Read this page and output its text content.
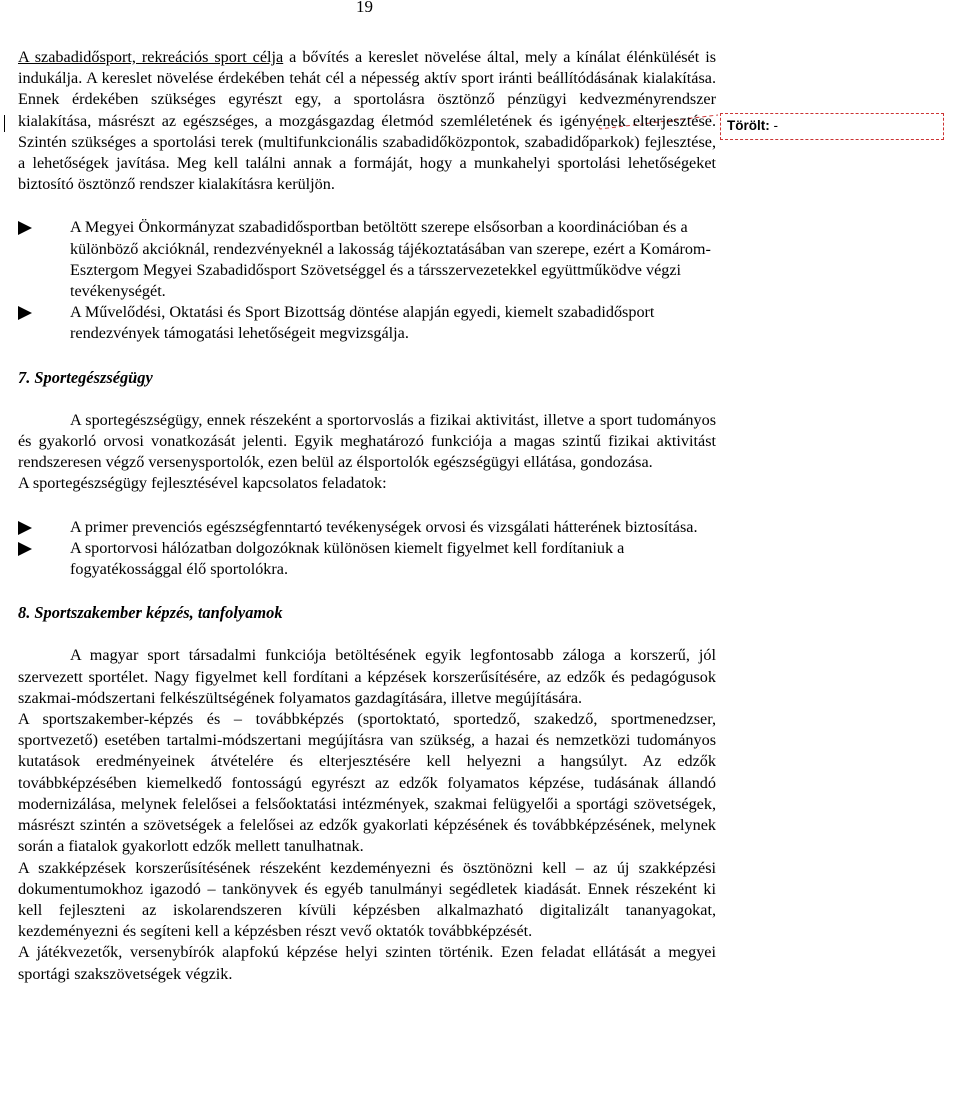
19
Törölt: -

A szabadidősport, rekreációs sport célja a bővítés a kereslet növelése által, mely a kínálat élénkülését is indukálja. A kereslet növelése érdekében tehát cél a népesség aktív sport iránti beállítódásának kialakítása. Ennek érdekében szükséges egyrészt egy, a sportolásra ösztönző pénzügyi kedvezményrendszer kialakítása, másrészt az egészséges, a mozgásgazdag életmód szemléletének és igényének elterjesztése. Szintén szükséges a sportolási terek (multifunkcionális szabadidőközpontok, szabadidőparkok) fejlesztése, a lehetőségek javítása. Meg kell találni annak a formáját, hogy a munkahelyi sportolási lehetőségeket biztosító ösztönző rendszer kialakításra kerüljön.

A Megyei Önkormányzat szabadidősportban betöltött szerepe elsősorban a koordinációban és a különböző akcióknál, rendezvényeknél a lakosság tájékoztatásában van szerepe, ezért a Komárom-Esztergom Megyei Szabadidősport Szövetséggel és a társszervezetekkel együttműködve végzi tevékenységét.
A Művelődési, Oktatási és Sport Bizottság döntése alapján egyedi, kiemelt szabadidősport rendezvények támogatási lehetőségeit megvizsgálja.
7. Sportegészségügy

A sportegészségügy, ennek részeként a sportorvoslás a fizikai aktivitást, illetve a sport tudományos és gyakorló orvosi vonatkozását jelenti. Egyik meghatározó funkciója a magas szintű fizikai aktivitást rendszeresen végző versenysportolók, ezen belül az élsportolók egészségügyi ellátása, gondozása.

A sportegészségügy fejlesztésével kapcsolatos feladatok:

A primer prevenciós egészségfenntartó tevékenységek orvosi és vizsgálati hátterének biztosítása.
A sportorvosi hálózatban dolgozóknak különösen kiemelt figyelmet kell fordítaniuk a fogyatékossággal élő sportolókra.
8. Sportszakember képzés, tanfolyamok

A magyar sport társadalmi funkciója betöltésének egyik legfontosabb záloga a korszerű, jól szervezett sportélet. Nagy figyelmet kell fordítani a képzések korszerűsítésére, az edzők és pedagógusok szakmai-módszertani felkészültségének folyamatos gazdagítására, illetve megújítására.

A sportszakember-képzés és – továbbképzés (sportoktató, sportedző, szakedző, sportmenedzser, sportvezető) esetében tartalmi-módszertani megújításra van szükség, a hazai és nemzetközi tudományos kutatások eredményeinek átvételére és elterjesztésére kell helyezni a hangsúlyt. Az edzők továbbképzésében kiemelkedő fontosságú egyrészt az edzők folyamatos képzése, tudásának állandó modernizálása, melynek felelősei a felsőoktatási intézmények, szakmai felügyelői a sportági szövetségek, másrészt szintén a szövetségek a felelősei az edzők gyakorlati képzésének és továbbképzésének, melynek során a fiatalok gyakorlott edzők mellett tanulhatnak.

A szakképzések korszerűsítésének részeként kezdeményezni és ösztönözni kell – az új szakképzési dokumentumokhoz igazodó – tankönyvek és egyéb tanulmányi segédletek kiadását. Ennek részeként ki kell fejleszteni az iskolarendszeren kívüli képzésben alkalmazható digitalizált tananyagokat, kezdeményezni és segíteni kell a képzésben részt vevő oktatók továbbképzését.

A játékvezetők, versenybírók alapfokú képzése helyi szinten történik. Ezen feladat ellátását a megyei sportági szakszövetségek végzik.
